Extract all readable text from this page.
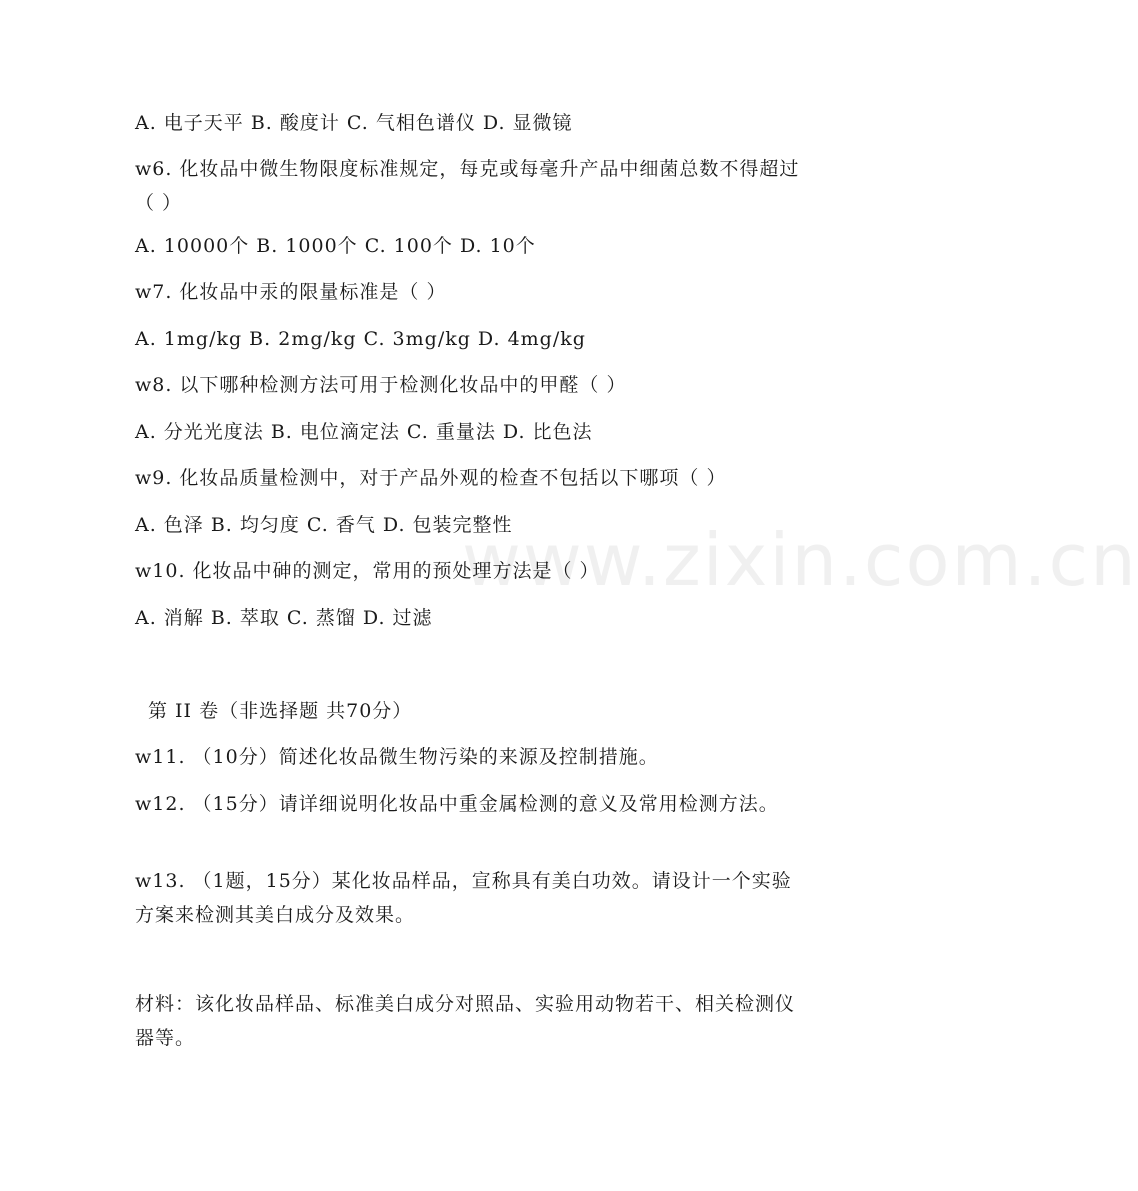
www.zixin.com.cn
A. 电子天平 B. 酸度计 C. 气相色谱仪 D. 显微镜
w6. 化妆品中微生物限度标准规定，每克或每毫升产品中细菌总数不得超过（ ）
A. 10000个 B. 1000个 C. 100个 D. 10个
w7. 化妆品中汞的限量标准是（ ）
A. 1mg/kg B. 2mg/kg C. 3mg/kg D. 4mg/kg
w8. 以下哪种检测方法可用于检测化妆品中的甲醛（ ）
A. 分光光度法 B. 电位滴定法 C. 重量法 D. 比色法
w9. 化妆品质量检测中，对于产品外观的检查不包括以下哪项（ ）
A. 色泽 B. 均匀度 C. 香气 D. 包装完整性
w10. 化妆品中砷的测定，常用的预处理方法是（ ）
A. 消解 B. 萃取 C. 蒸馏 D. 过滤
第 II 卷（非选择题 共70分）
w11. （10分）简述化妆品微生物污染的来源及控制措施。
w12. （15分）请详细说明化妆品中重金属检测的意义及常用检测方法。
w13. （1题，15分）某化妆品样品，宣称具有美白功效。请设计一个实验方案来检测其美白成分及效果。
材料：该化妆品样品、标准美白成分对照品、实验用动物若干、相关检测仪器等。
